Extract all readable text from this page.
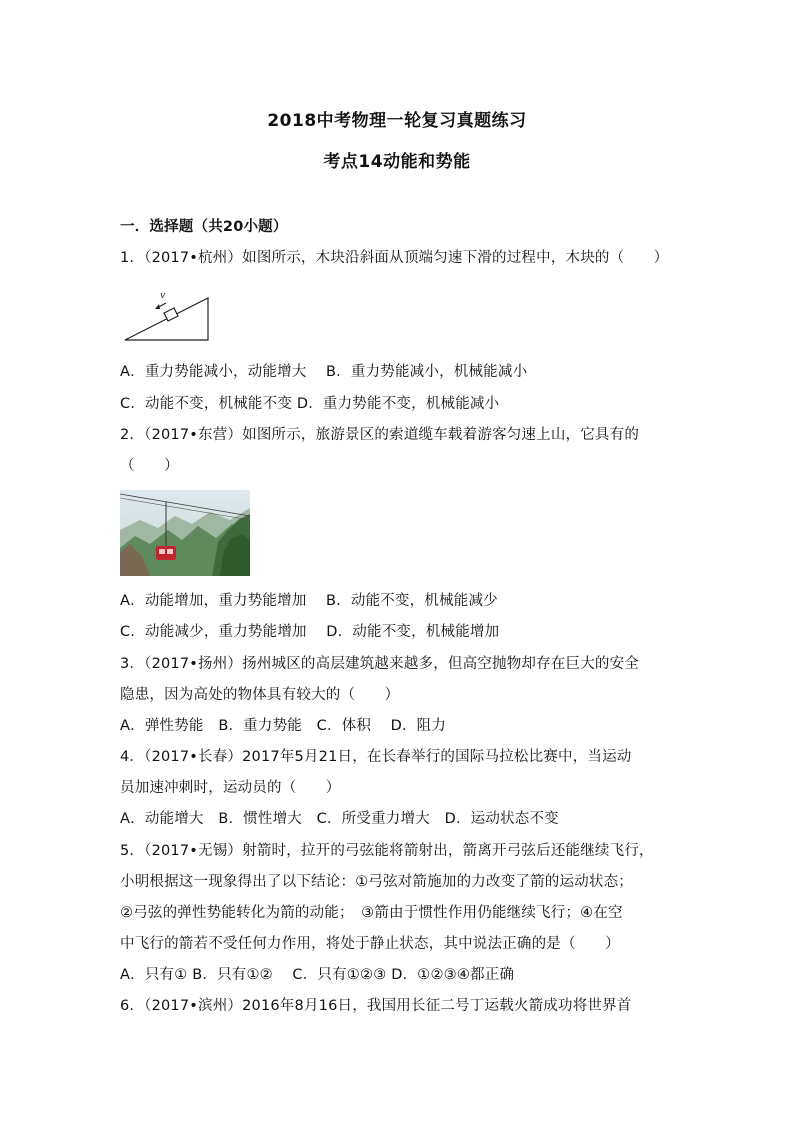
2018中考物理一轮复习真题练习
考点14动能和势能
一．选择题（共20小题）
1．（2017•杭州）如图所示，木块沿斜面从顶端匀速下滑的过程中，木块的（　　）
v
A．重力势能减小，动能增大　 B．重力势能减小，机械能减小
C．动能不变，机械能不变 D．重力势能不变，机械能减小
2．（2017•东营）如图所示，旅游景区的索道缆车载着游客匀速上山，它具有的
（　　）
A．动能增加，重力势能增加　 B．动能不变，机械能减少
C．动能减少，重力势能增加　 D．动能不变，机械能增加
3．（2017•扬州）扬州城区的高层建筑越来越多，但高空抛物却存在巨大的安全
隐患，因为高处的物体具有较大的（　　）
A．弹性势能　B．重力势能　C．体积　 D．阻力
4．（2017•长春）2017年5月21日，在长春举行的国际马拉松比赛中，当运动
员加速冲刺时，运动员的（　　）
A．动能增大　B．惯性增大　C．所受重力增大　D．运动状态不变
5．（2017•无锡）射箭时，拉开的弓弦能将箭射出，箭离开弓弦后还能继续飞行，
小明根据这一现象得出了以下结论：①弓弦对箭施加的力改变了箭的运动状态；
②弓弦的弹性势能转化为箭的动能；　③箭由于惯性作用仍能继续飞行；④在空
中飞行的箭若不受任何力作用，将处于静止状态，其中说法正确的是（　　）
A．只有① B．只有①②　 C．只有①②③ D．①②③④都正确
6．（2017•滨州）2016年8月16日，我国用长征二号丁运载火箭成功将世界首
